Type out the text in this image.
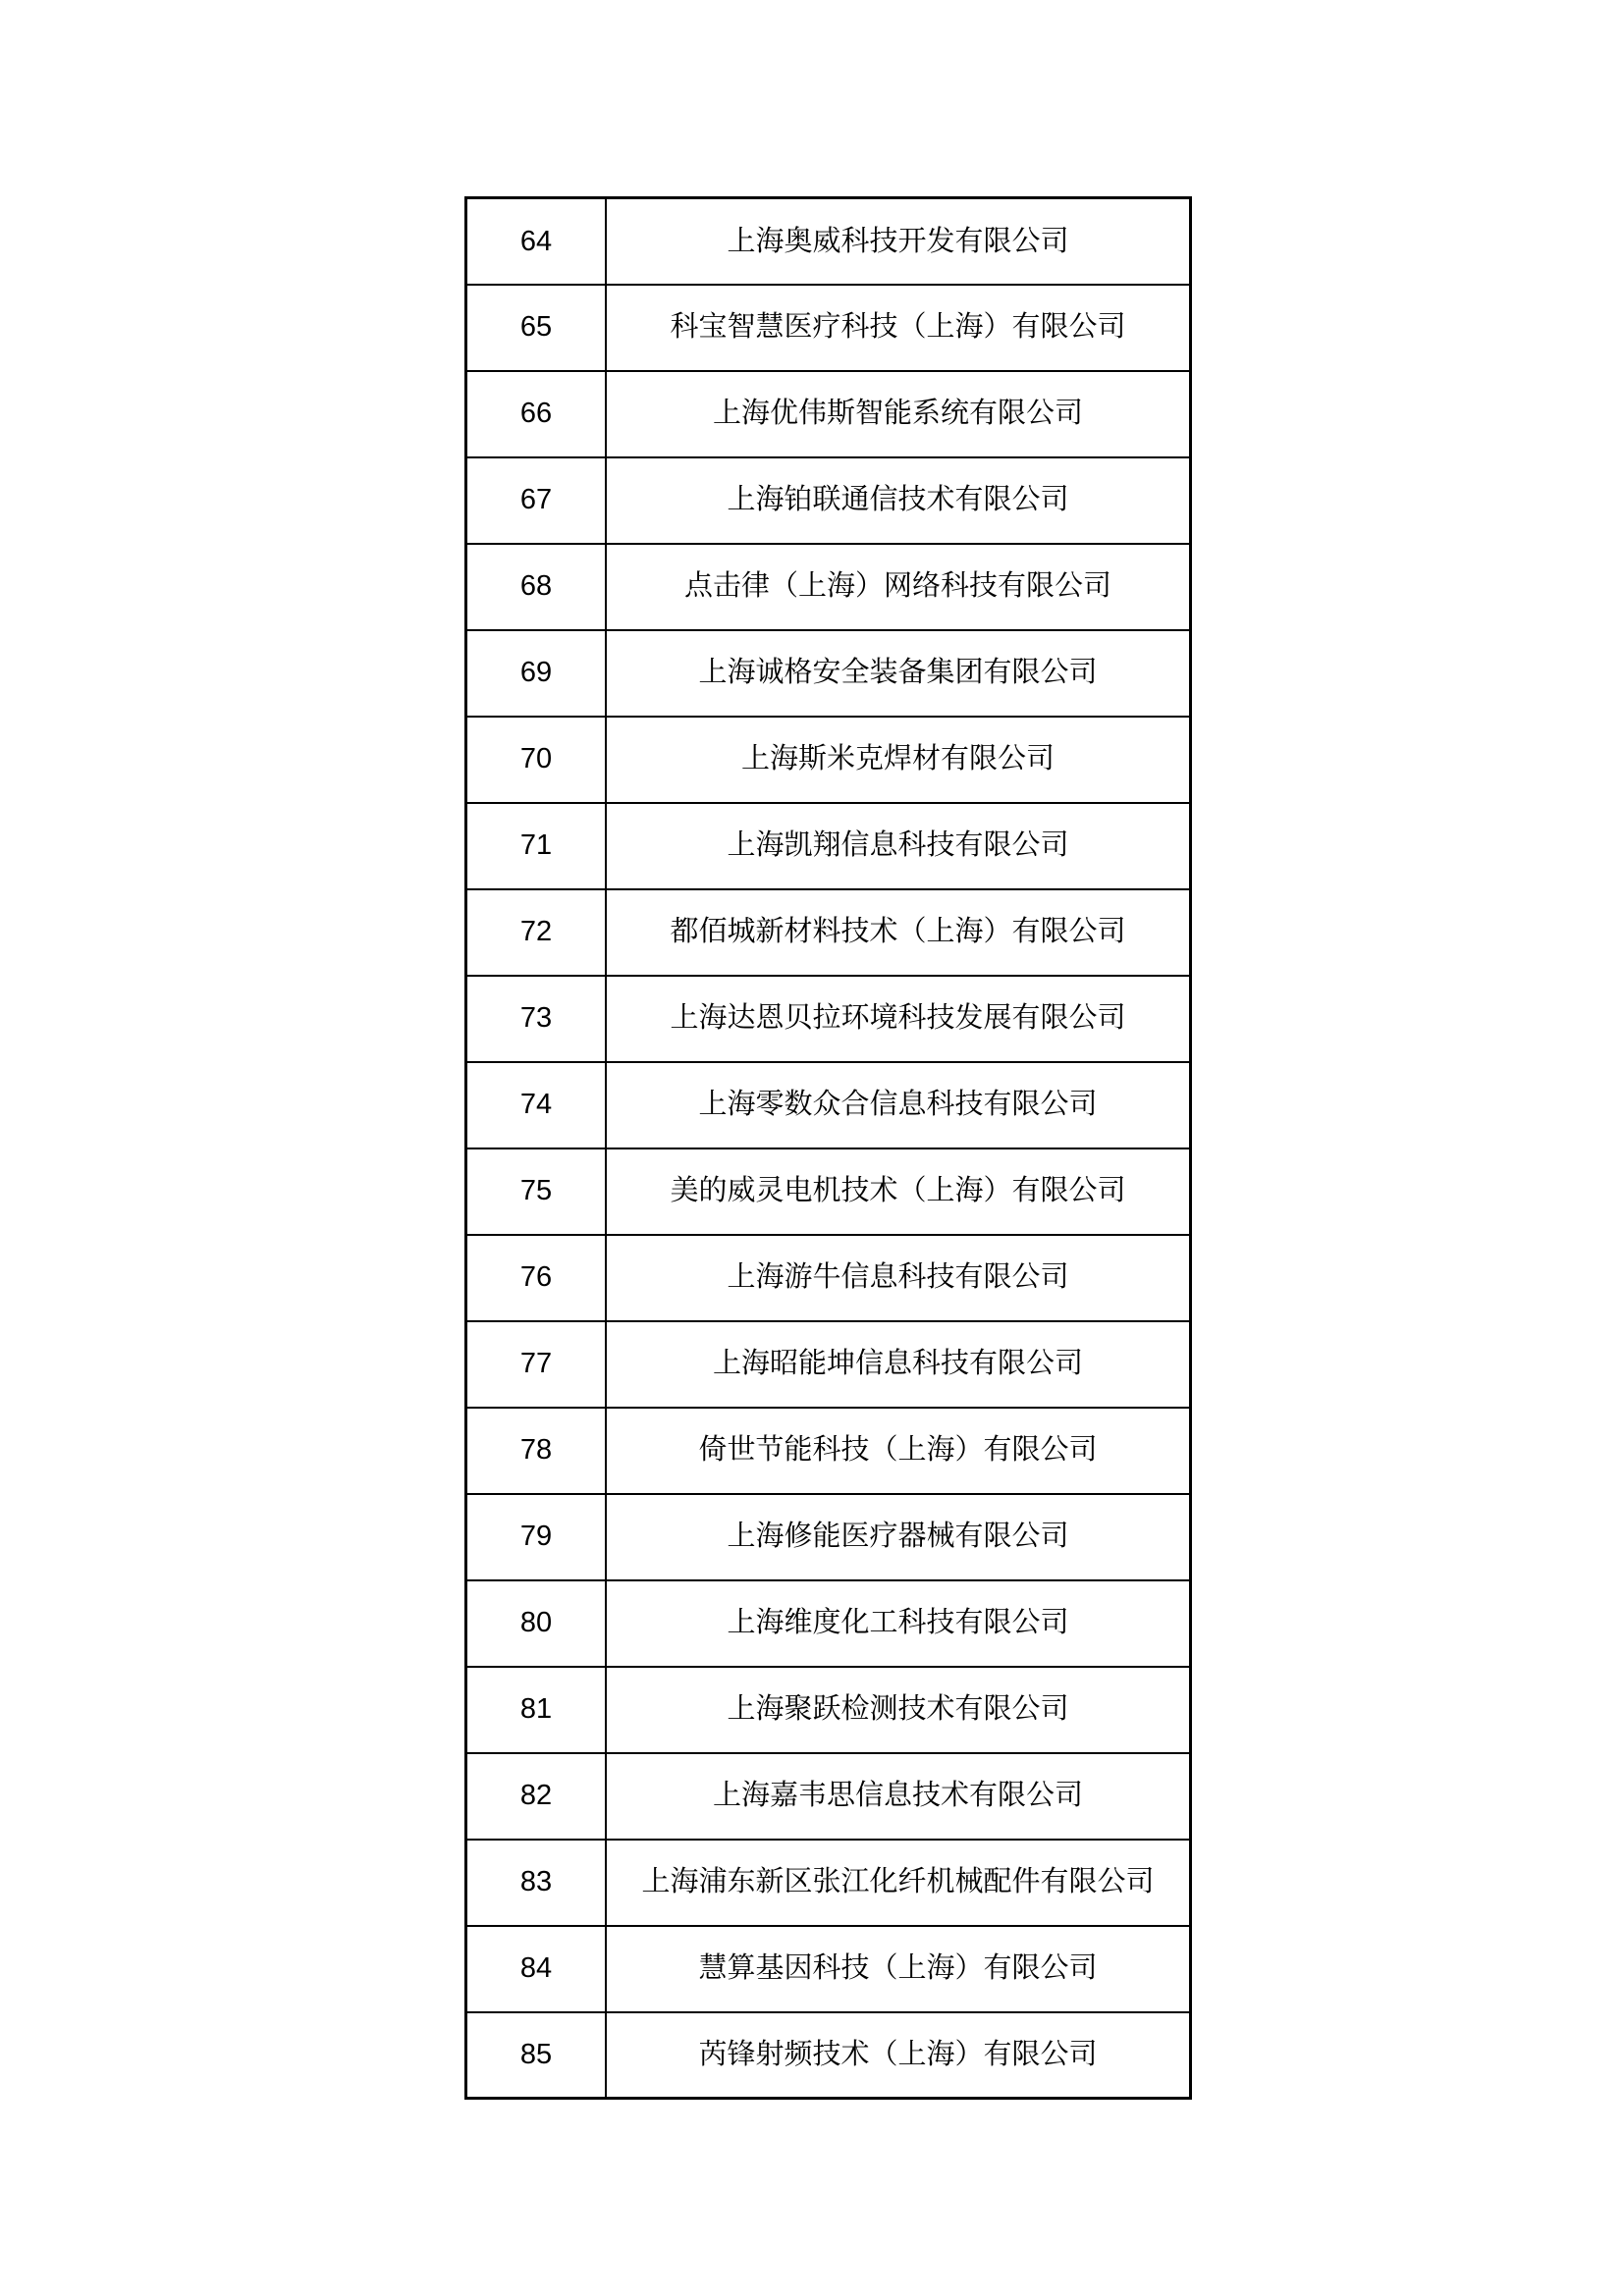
64	上海奥威科技开发有限公司
65	科宝智慧医疗科技（上海）有限公司
66	上海优伟斯智能系统有限公司
67	上海铂联通信技术有限公司
68	点击律（上海）网络科技有限公司
69	上海诚格安全装备集团有限公司
70	上海斯米克焊材有限公司
71	上海凯翔信息科技有限公司
72	都佰城新材料技术（上海）有限公司
73	上海达恩贝拉环境科技发展有限公司
74	上海零数众合信息科技有限公司
75	美的威灵电机技术（上海）有限公司
76	上海游牛信息科技有限公司
77	上海昭能坤信息科技有限公司
78	倚世节能科技（上海）有限公司
79	上海修能医疗器械有限公司
80	上海维度化工科技有限公司
81	上海聚跃检测技术有限公司
82	上海嘉韦思信息技术有限公司
83	上海浦东新区张江化纤机械配件有限公司
84	慧算基因科技（上海）有限公司
85	芮锋射频技术（上海）有限公司
